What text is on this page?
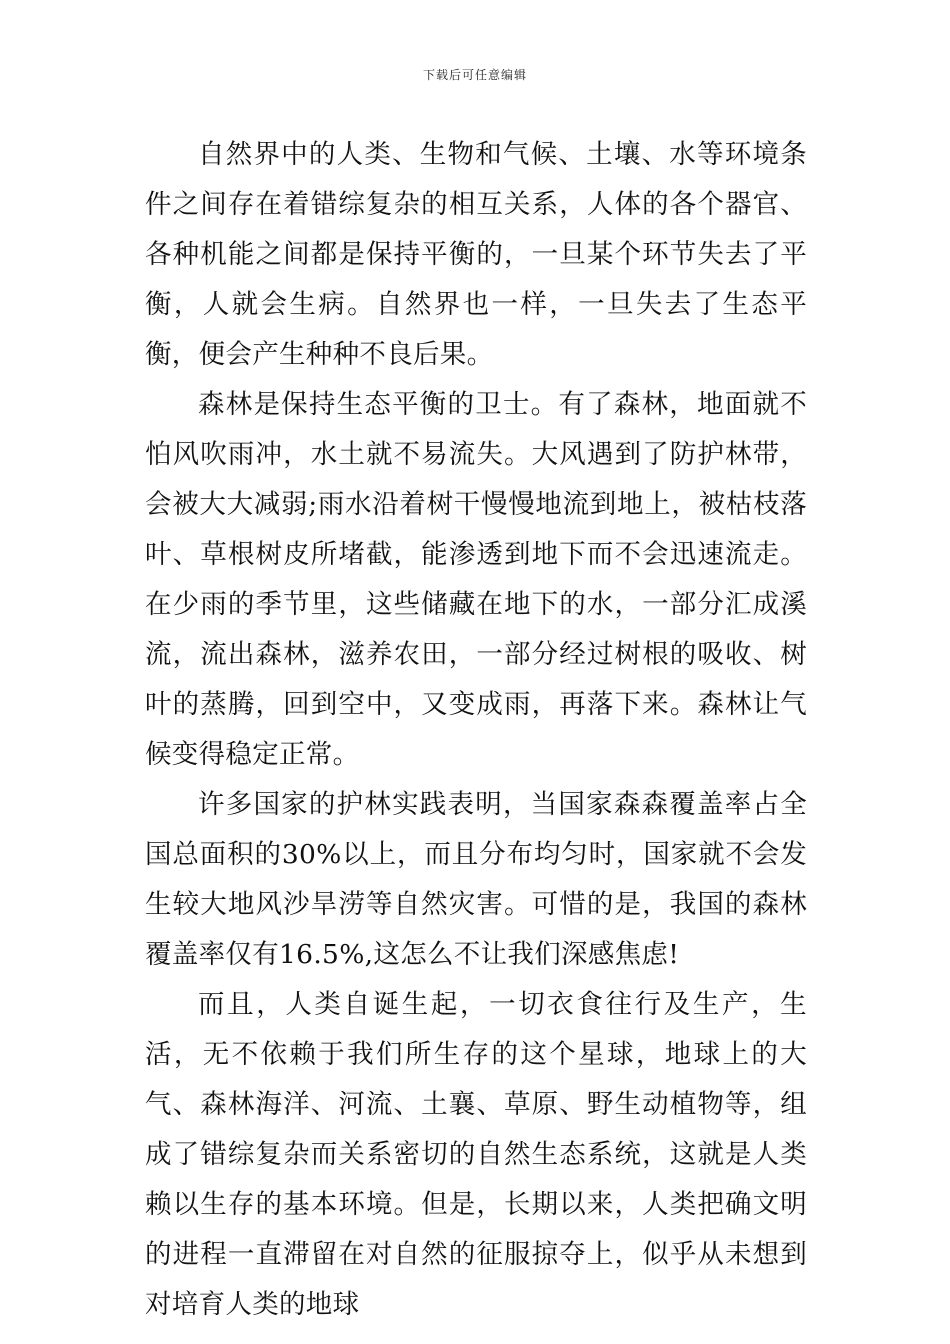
下载后可任意编辑

自然界中的人类、生物和气候、土壤、水等环境条件之间存在着错综复杂的相互关系，人体的各个器官、各种机能之间都是保持平衡的，一旦某个环节失去了平衡，人就会生病。自然界也一样，一旦失去了生态平衡，便会产生种种不良后果。

森林是保持生态平衡的卫士。有了森林，地面就不怕风吹雨冲，水土就不易流失。大风遇到了防护林带，会被大大减弱;雨水沿着树干慢慢地流到地上，被枯枝落叶、草根树皮所堵截，能渗透到地下而不会迅速流走。在少雨的季节里，这些储藏在地下的水，一部分汇成溪流，流出森林，滋养农田，一部分经过树根的吸收、树叶的蒸腾，回到空中，又变成雨，再落下来。森林让气候变得稳定正常。

许多国家的护林实践表明，当国家森森覆盖率占全国总面积的30%以上，而且分布均匀时，国家就不会发生较大地风沙旱涝等自然灾害。可惜的是，我国的森林覆盖率仅有16.5%,这怎么不让我们深感焦虑!

而且，人类自诞生起，一切衣食往行及生产，生活，无不依赖于我们所生存的这个星球，地球上的大气、森林海洋、河流、土襄、草原、野生动植物等，组成了错综复杂而关系密切的自然生态系统，这就是人类赖以生存的基本环境。但是，长期以来，人类把确文明的进程一直滞留在对自然的征服掠夺上，似乎从未想到对培育人类的地球
